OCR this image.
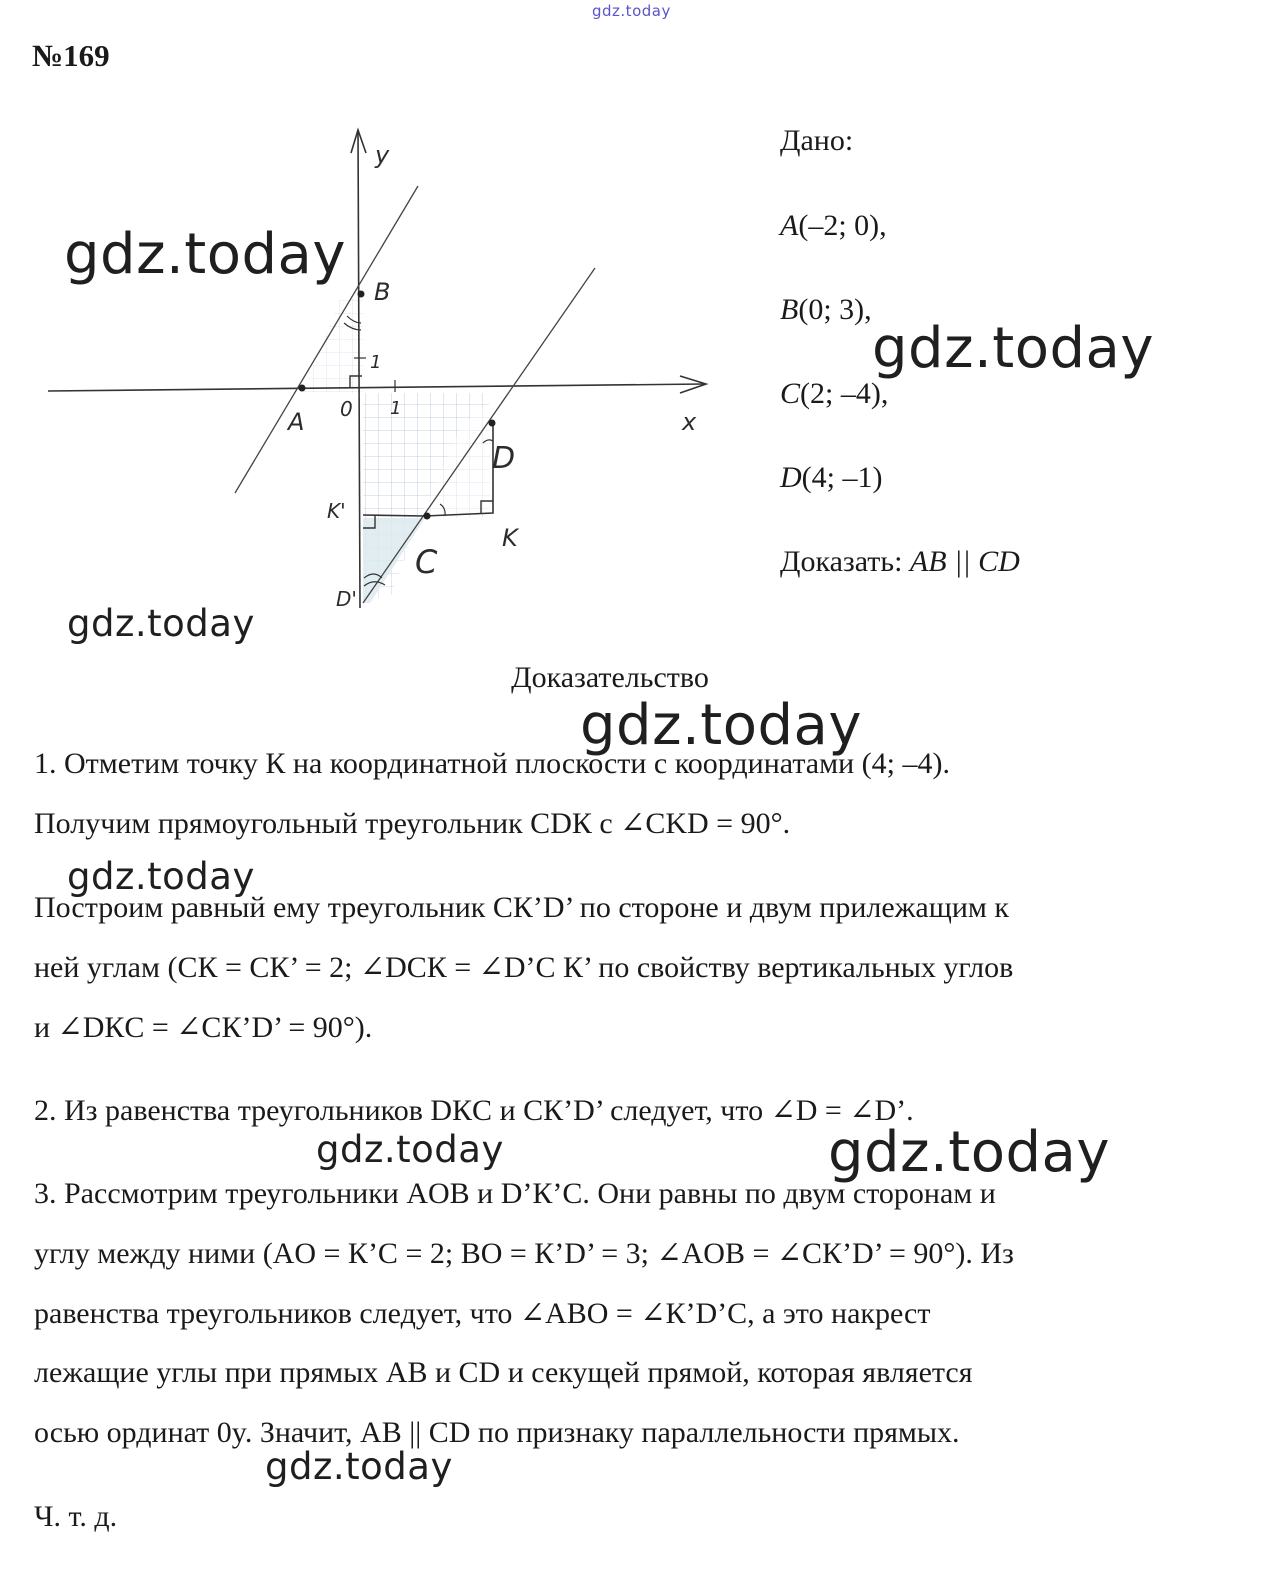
gdz.today
№169
y
x
0 1
1
A
B
C
D
K
K'
D'
Дано:
A(–2; 0),
B(0; 3),
C(2; –4),
D(4; –1)
Доказать: AB || CD
Доказательство
1. Отметим точку К на координатной плоскости с координатами (4; –4).
Получим прямоугольный треугольник CDК с ∠CKD = 90°.
Построим равный ему треугольник CК’D’ по стороне и двум прилежащим к
ней углам (CК = CК’ = 2; ∠DCК = ∠D’C К’ по свойству вертикальных углов
и ∠DКC = ∠CК’D’ = 90°).
2. Из равенства треугольников DКC и CК’D’ следует, что ∠D = ∠D’.
3. Рассмотрим треугольники AOB и D’К’C. Они равны по двум сторонам и
углу между ними (AO = К’C = 2; BO = К’D’ = 3; ∠AOB = ∠CК’D’ = 90°). Из
равенства треугольников следует, что ∠ABO = ∠К’D’C, а это накрест
лежащие углы при прямых AB и CD и секущей прямой, которая является
осью ординат 0y. Значит, AB || CD по признаку параллельности прямых.
Ч. т. д.
gdz.today
gdz.today
gdz.today
gdz.today
gdz.today
gdz.today	gdz.today
gdz.today
